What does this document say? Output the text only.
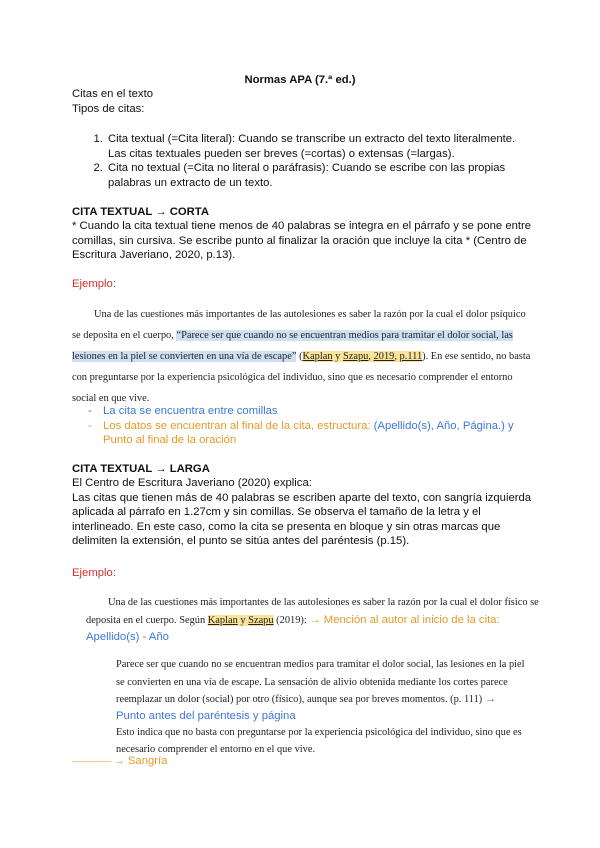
Normas APA (7.ª ed.)
Citas en el texto
Tipos de citas:
1. Cita textual (=Cita literal): Cuando se transcribe un extracto del texto literalmente.
Las citas textuales pueden ser breves (=cortas) o extensas (=largas).
2. Cita no textual (=Cita no literal o paráfrasis): Cuando se escribe con las propias
palabras un extracto de un texto.
CITA TEXTUAL → CORTA
* Cuando la cita textual tiene menos de 40 palabras se integra en el párrafo y se pone entre
comillas, sin cursiva. Se escribe punto al finalizar la oración que incluye la cita * (Centro de
Escritura Javeriano, 2020, p.13).
Ejemplo:
Una de las cuestiones más importantes de las autolesiones es saber la razón por la cual el dolor psíquico
se deposita en el cuerpo, “Parece ser que cuando no se encuentran medios para tramitar el dolor social, las
lesiones en la piel se convierten en una vía de escape” (Kaplan y Szapu, 2019, p.111). En ese sentido, no basta
con preguntarse por la experiencia psicológica del individuo, sino que es necesario comprender el entorno
social en que vive.
- La cita se encuentra entre comillas
- Los datos se encuentran al final de la cita, estructura: (Apellido(s), Año, Página.) y
Punto al final de la oración
CITA TEXTUAL → LARGA
El Centro de Escritura Javeriano (2020) explica:
Las citas que tienen más de 40 palabras se escriben aparte del texto, con sangría izquierda
aplicada al párrafo en 1.27cm y sin comillas. Se observa el tamaño de la letra y el
interlineado. En este caso, como la cita se presenta en bloque y sin otras marcas que
delimiten la extensión, el punto se sitúa antes del paréntesis (p.15).
Ejemplo:
Una de las cuestiones más importantes de las autolesiones es saber la razón por la cual el dolor físico se
deposita en el cuerpo. Según Kaplan y Szapu (2019): → Mención al autor al inicio de la cita:
Apellido(s) - Año
Parece ser que cuando no se encuentran medios para tramitar el dolor social, las lesiones en la piel
se convierten en una vía de escape. La sensación de alivio obtenida mediante los cortes parece
reemplazar un dolor (social) por otro (físico), aunque sea por breves momentos. (p. 111) →
Punto antes del paréntesis y página
Esto indica que no basta con preguntarse por la experiencia psicológica del individuo, sino que es
necesario comprender el entorno en el que vive.
———·—·— → Sangría
